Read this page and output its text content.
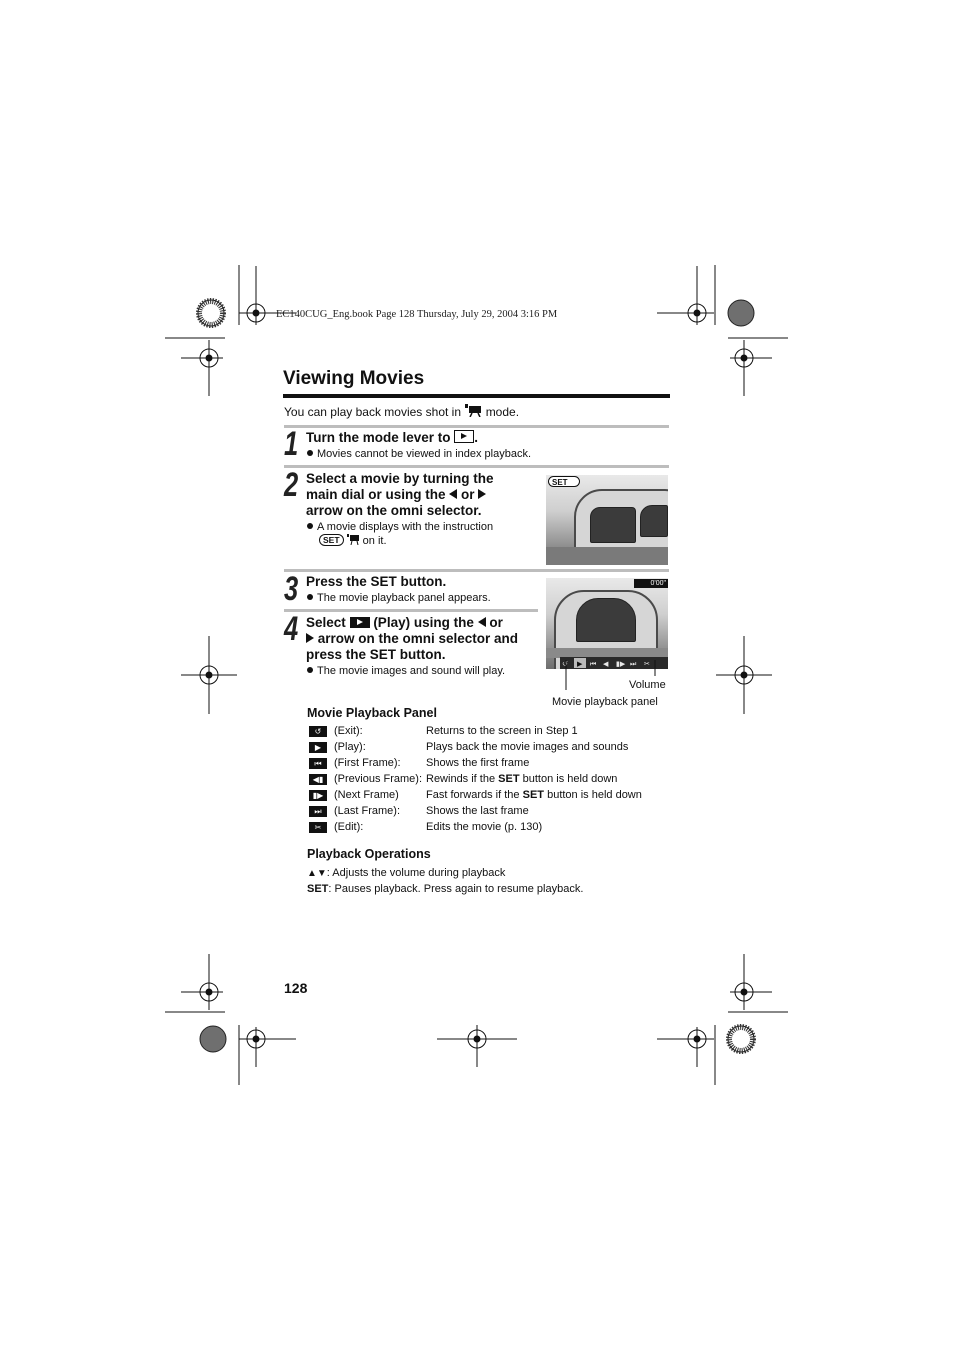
EC140CUG_Eng.book Page 128 Thursday, July 29, 2004 3:16 PM
Viewing Movies
You can play back movies shot in mode.
1 Turn the mode lever to .
Movies cannot be viewed in index playback.
2 Select a movie by turning the
main dial or using the or
arrow on the omni selector.
A movie displays with the instruction
SET on it.
SET
3 Press the SET button.
The movie playback panel appears.
4 Select (Play) using the or
arrow on the omni selector and
press the SET button.
The movie images and sound will play.
0'00"
↺ ▶ ⏮ ◀ ▮▶ ⏭ ✂
Volume
Movie playback panel
Movie Playback Panel
↺	(Exit):	Returns to the screen in Step 1
▶	(Play):	Plays back the movie images and sounds
⏮	(First Frame): Shows the first frame
◀▮ (Previous Frame): Rewinds if the SET button is held down
▮▶ (Next Frame) Fast forwards if the SET button is held down
⏭	(Last Frame): Shows the last frame
✂	(Edit):	Edits the movie (p. 130)
Playback Operations
▲▼: Adjusts the volume during playback
SET: Pauses playback. Press again to resume playback.
128
